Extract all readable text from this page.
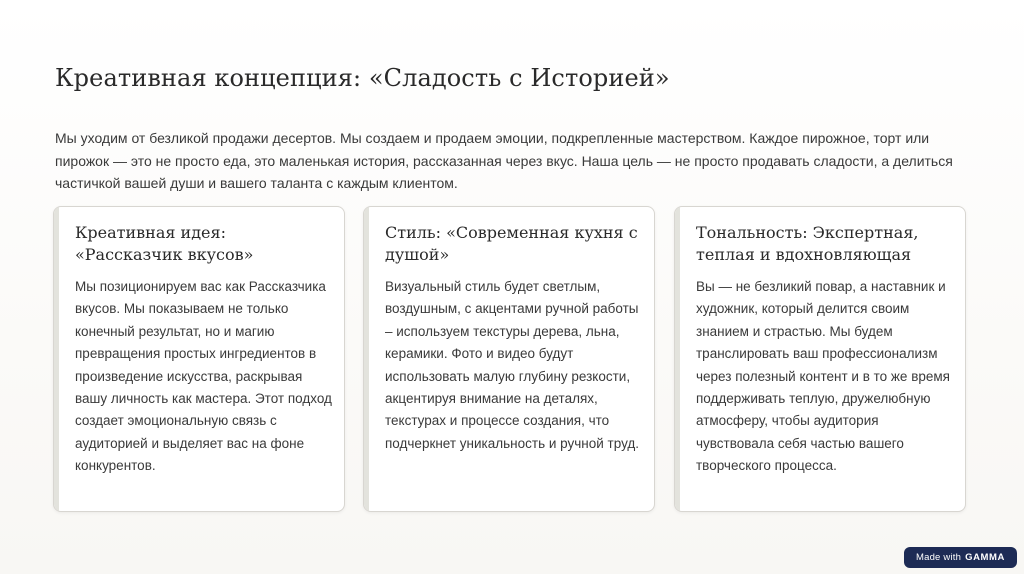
Креативная концепция: «Сладость с Историей»

Мы уходим от безликой продажи десертов. Мы создаем и продаем эмоции, подкрепленные мастерством. Каждое пирожное, торт или пирожок — это не просто еда, это маленькая история, рассказанная через вкус. Наша цель — не просто продавать сладости, а делиться частичкой вашей души и вашего таланта с каждым клиентом.

Креативная идея: «Рассказчик вкусов»

Мы позиционируем вас как Рассказчика вкусов. Мы показываем не только конечный результат, но и магию превращения простых ингредиентов в произведение искусства, раскрывая вашу личность как мастера. Этот подход создает эмоциональную связь с аудиторией и выделяет вас на фоне конкурентов.

Стиль: «Современная кухня с душой»

Визуальный стиль будет светлым, воздушным, с акцентами ручной работы – используем текстуры дерева, льна, керамики. Фото и видео будут использовать малую глубину резкости, акцентируя внимание на деталях, текстурах и процессе создания, что подчеркнет уникальность и ручной труд.

Тональность: Экспертная, теплая и вдохновляющая

Вы — не безликий повар, а наставник и художник, который делится своим знанием и страстью. Мы будем транслировать ваш профессионализм через полезный контент и в то же время поддерживать теплую, дружелюбную атмосферу, чтобы аудитория чувствовала себя частью вашего творческого процесса.

Made with GAMMA
